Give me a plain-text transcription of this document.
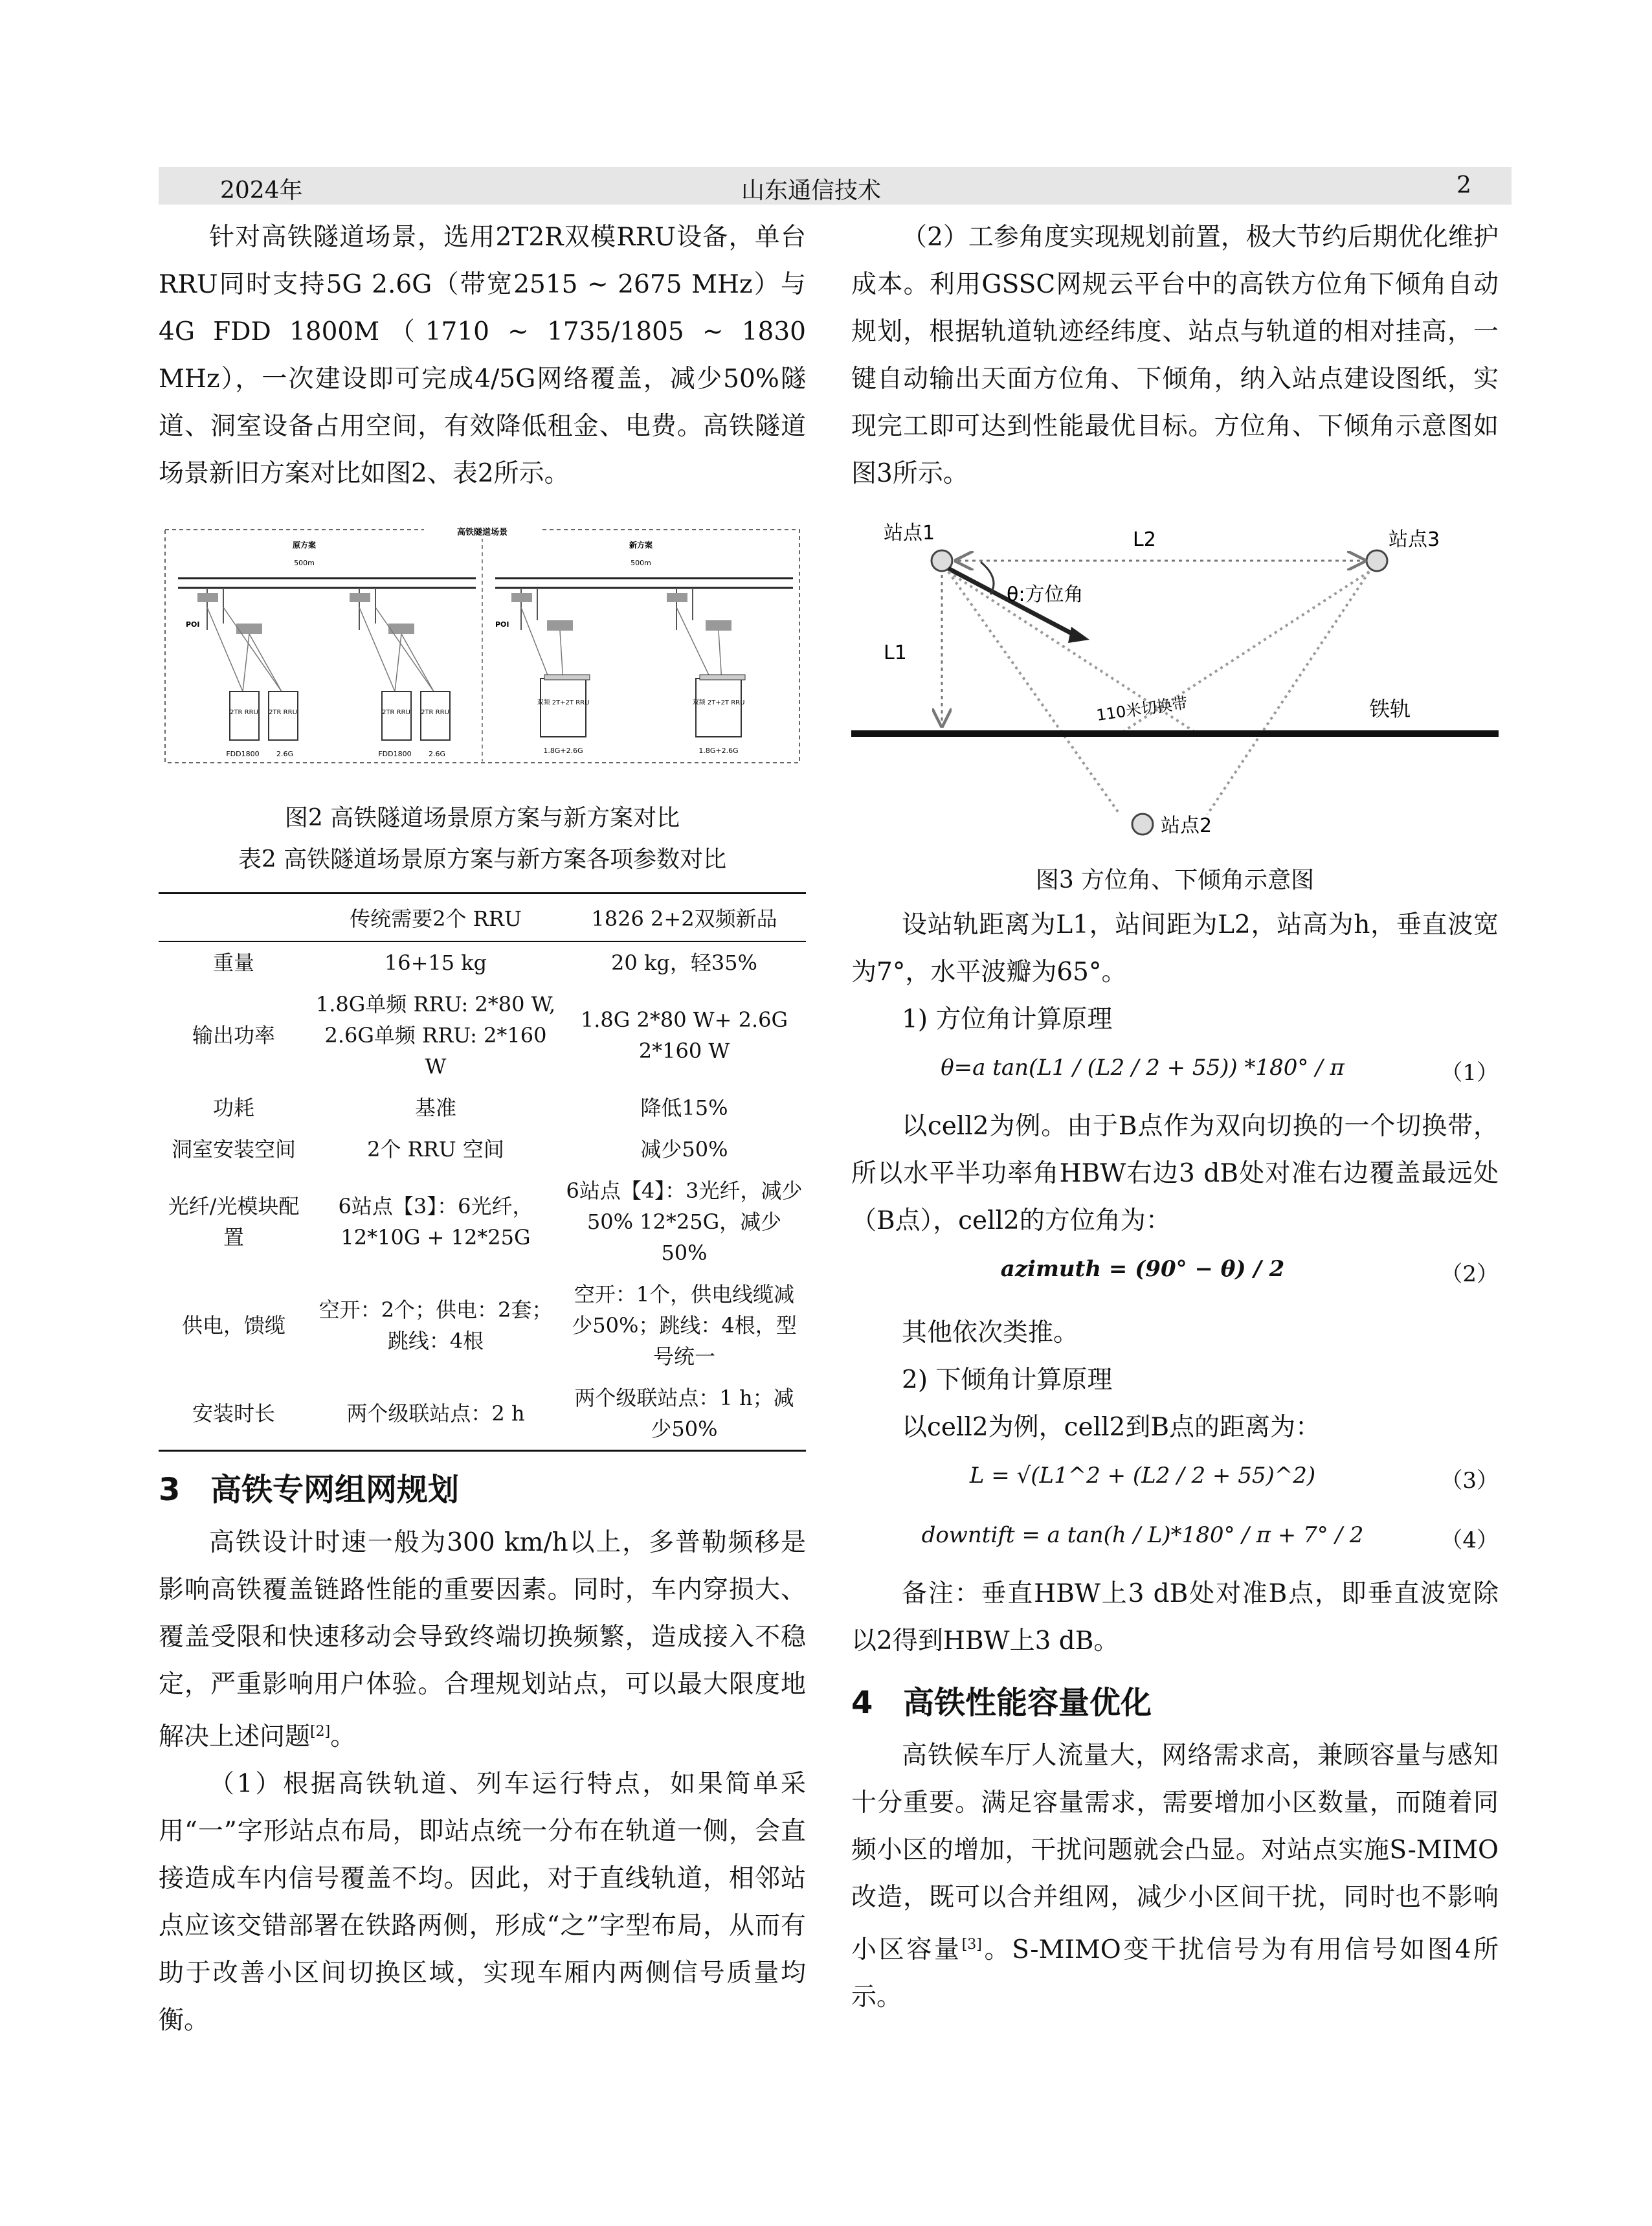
2024年	山东通信技术	2

针对高铁隧道场景，选用2T2R双模RRU设备，单台RRU同时支持5G 2.6G（带宽2515 ~ 2675 MHz）与4G FDD 1800M（1710 ~ 1735/1805 ~ 1830 MHz），一次建设即可完成4/5G网络覆盖，减少50%隧道、洞室设备占用空间，有效降低租金、电费。高铁隧道场景新旧方案对比如图2、表2所示。

高铁隧道场景
原方案	新方案
500m	500m
POI	POI
2TR RRU 2TR RRU
FDD1800 2.6G
2TR RRU 2TR RRU
FDD1800 2.6G
双频 2T+2T RRU
1.8G+2.6G
双频 2T+2T RRU
1.8G+2.6G

图2 高铁隧道场景原方案与新方案对比

表2 高铁隧道场景原方案与新方案各项参数对比

	传统需要2个 RRU	1826 2+2双频新品
重量	16+15 kg	20 kg，轻35%
输出功率	1.8G单频 RRU: 2*80 W, 2.6G单频 RRU: 2*160 W	1.8G 2*80 W+ 2.6G 2*160 W
功耗	基准	降低15%
洞室安装空间	2个 RRU 空间	减少50%
光纤/光模块配置	6站点【3】：6光纤，12*10G + 12*25G	6站点【4】：3光纤，减少50% 12*25G，减少50%
供电，馈缆	空开：2个；供电：2套；跳线：4根	空开：1个，供电线缆减少50%；跳线：4根，型号统一
安装时长	两个级联站点：2 h	两个级联站点：1 h；减少50%
3 高铁专网组网规划

高铁设计时速一般为300 km/h以上，多普勒频移是影响高铁覆盖链路性能的重要因素。同时，车内穿损大、覆盖受限和快速移动会导致终端切换频繁，造成接入不稳定，严重影响用户体验。合理规划站点，可以最大限度地解决上述问题[2]。

（1）根据高铁轨道、列车运行特点，如果简单采用“一”字形站点布局，即站点统一分布在轨道一侧，会直接造成车内信号覆盖不均。因此，对于直线轨道，相邻站点应该交错部署在铁路两侧，形成“之”字型布局，从而有助于改善小区间切换区域，实现车厢内两侧信号质量均衡。

（2）工参角度实现规划前置，极大节约后期优化维护成本。利用GSSC网规云平台中的高铁方位角下倾角自动规划，根据轨道轨迹经纬度、站点与轨道的相对挂高，一键自动输出天面方位角、下倾角，纳入站点建设图纸，实现完工即可达到性能最优目标。方位角、下倾角示意图如图3所示。

站点1	站点3
L2
L1
θ:方位角
110米切换带	铁轨
站点2

图3 方位角、下倾角示意图

设站轨距离为L1，站间距为L2，站高为h，垂直波宽为7°，水平波瓣为65°。

1) 方位角计算原理

θ=a tan(L1 / (L2 / 2 + 55)) *180° / π	（1）

以cell2为例。由于B点作为双向切换的一个切换带，所以水平半功率角HBW右边3 dB处对准右边覆盖最远处（B点），cell2的方位角为：

azimuth = (90° − θ) / 2	（2）

其他依次类推。

2) 下倾角计算原理

以cell2为例，cell2到B点的距离为：

L = √(L1^2 + (L2 / 2 + 55)^2)	（3）
downtift = a tan(h / L)*180° / π + 7° / 2	（4）

备注：垂直HBW上3 dB处对准B点，即垂直波宽除以2得到HBW上3 dB。

4 高铁性能容量优化

高铁候车厅人流量大，网络需求高，兼顾容量与感知十分重要。满足容量需求，需要增加小区数量，而随着同频小区的增加，干扰问题就会凸显。对站点实施S-MIMO改造，既可以合并组网，减少小区间干扰，同时也不影响小区容量[3]。S-MIMO变干扰信号为有用信号如图4所示。
